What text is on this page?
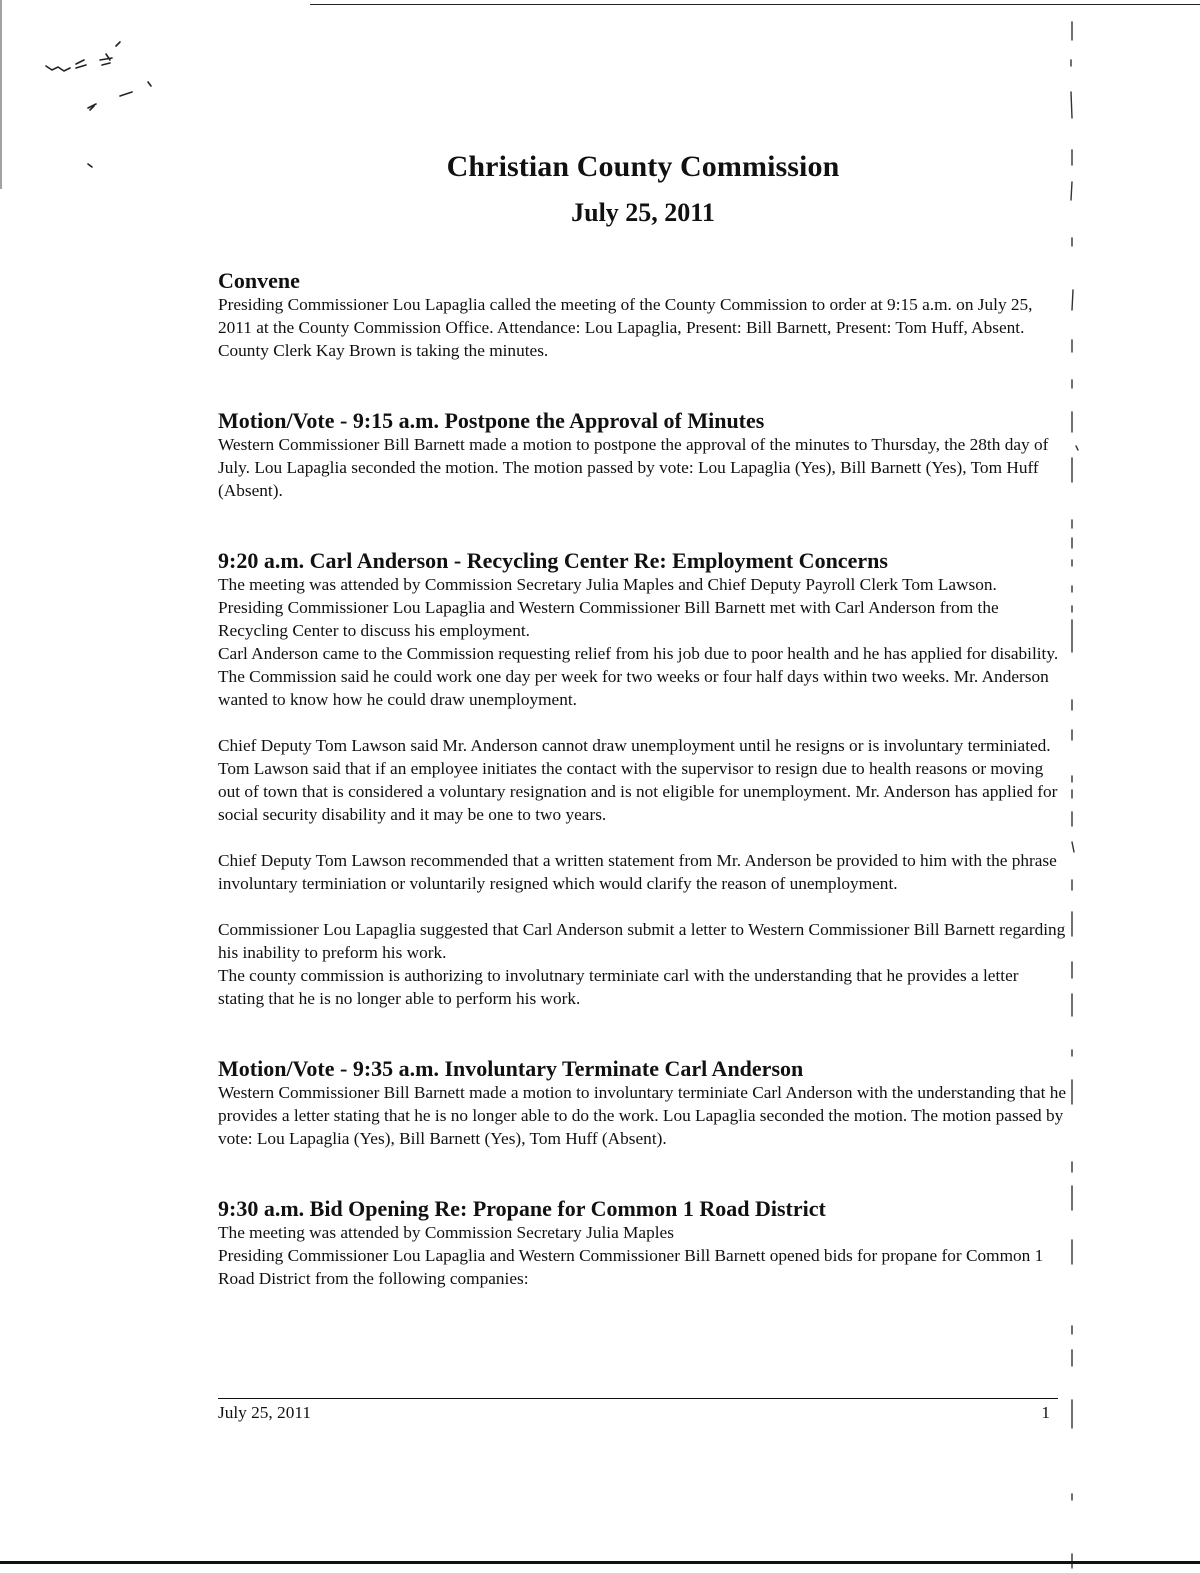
Christian County Commission
July 25, 2011
Convene

Presiding Commissioner Lou Lapaglia called the meeting of the County Commission to order at 9:15 a.m. on July 25, 2011 at the County Commission Office. Attendance: Lou Lapaglia, Present: Bill Barnett, Present: Tom Huff, Absent. County Clerk Kay Brown is taking the minutes.

Motion/Vote - 9:15 a.m. Postpone the Approval of Minutes

Western Commissioner Bill Barnett made a motion to postpone the approval of the minutes to Thursday, the 28th day of July. Lou Lapaglia seconded the motion. The motion passed by vote: Lou Lapaglia (Yes), Bill Barnett (Yes), Tom Huff (Absent).

9:20 a.m. Carl Anderson - Recycling Center Re: Employment Concerns

The meeting was attended by Commission Secretary Julia Maples and Chief Deputy Payroll Clerk Tom Lawson.

Presiding Commissioner Lou Lapaglia and Western Commissioner Bill Barnett met with Carl Anderson from the Recycling Center to discuss his employment.

Carl Anderson came to the Commission requesting relief from his job due to poor health and he has applied for disability. The Commission said he could work one day per week for two weeks or four half days within two weeks. Mr. Anderson wanted to know how he could draw unemployment.

Chief Deputy Tom Lawson said Mr. Anderson cannot draw unemployment until he resigns or is involuntary terminiated. Tom Lawson said that if an employee initiates the contact with the supervisor to resign due to health reasons or moving out of town that is considered a voluntary resignation and is not eligible for unemployment. Mr. Anderson has applied for social security disability and it may be one to two years.

Chief Deputy Tom Lawson recommended that a written statement from Mr. Anderson be provided to him with the phrase involuntary terminiation or voluntarily resigned which would clarify the reason of unemployment.

Commissioner Lou Lapaglia suggested that Carl Anderson submit a letter to Western Commissioner Bill Barnett regarding his inability to preform his work.

The county commission is authorizing to involutnary terminiate carl with the understanding that he provides a letter stating that he is no longer able to perform his work.

Motion/Vote - 9:35 a.m. Involuntary Terminate Carl Anderson

Western Commissioner Bill Barnett made a motion to involuntary terminiate Carl Anderson with the understanding that he provides a letter stating that he is no longer able to do the work. Lou Lapaglia seconded the motion. The motion passed by vote: Lou Lapaglia (Yes), Bill Barnett (Yes), Tom Huff (Absent).

9:30 a.m. Bid Opening Re: Propane for Common 1 Road District

The meeting was attended by Commission Secretary Julia Maples

Presiding Commissioner Lou Lapaglia and Western Commissioner Bill Barnett opened bids for propane for Common 1 Road District from the following companies:

July 25, 2011	1
